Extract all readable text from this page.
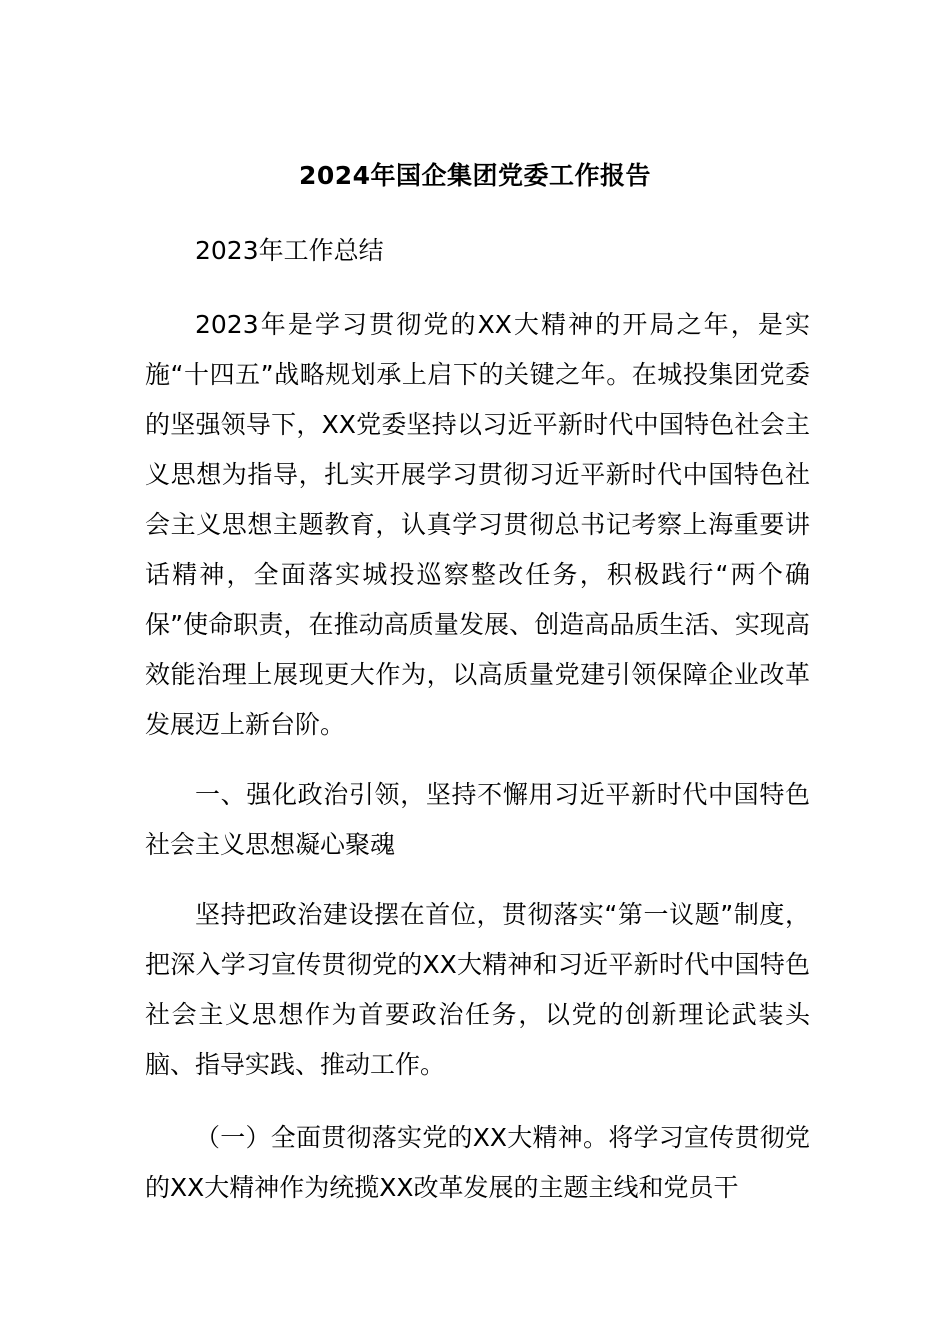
2024年国企集团党委工作报告

2023年工作总结

2023年是学习贯彻党的XX大精神的开局之年，是实施“十四五”战略规划承上启下的关键之年。在城投集团党委的坚强领导下，XX党委坚持以习近平新时代中国特色社会主义思想为指导，扎实开展学习贯彻习近平新时代中国特色社会主义思想主题教育，认真学习贯彻总书记考察上海重要讲话精神，全面落实城投巡察整改任务，积极践行“两个确保”使命职责，在推动高质量发展、创造高品质生活、实现高效能治理上展现更大作为，以高质量党建引领保障企业改革发展迈上新台阶。

一、强化政治引领，坚持不懈用习近平新时代中国特色社会主义思想凝心聚魂

坚持把政治建设摆在首位，贯彻落实“第一议题”制度，把深入学习宣传贯彻党的XX大精神和习近平新时代中国特色社会主义思想作为首要政治任务，以党的创新理论武装头脑、指导实践、推动工作。

（一）全面贯彻落实党的XX大精神。将学习宣传贯彻党的XX大精神作为统揽XX改革发展的主题主线和党员干
